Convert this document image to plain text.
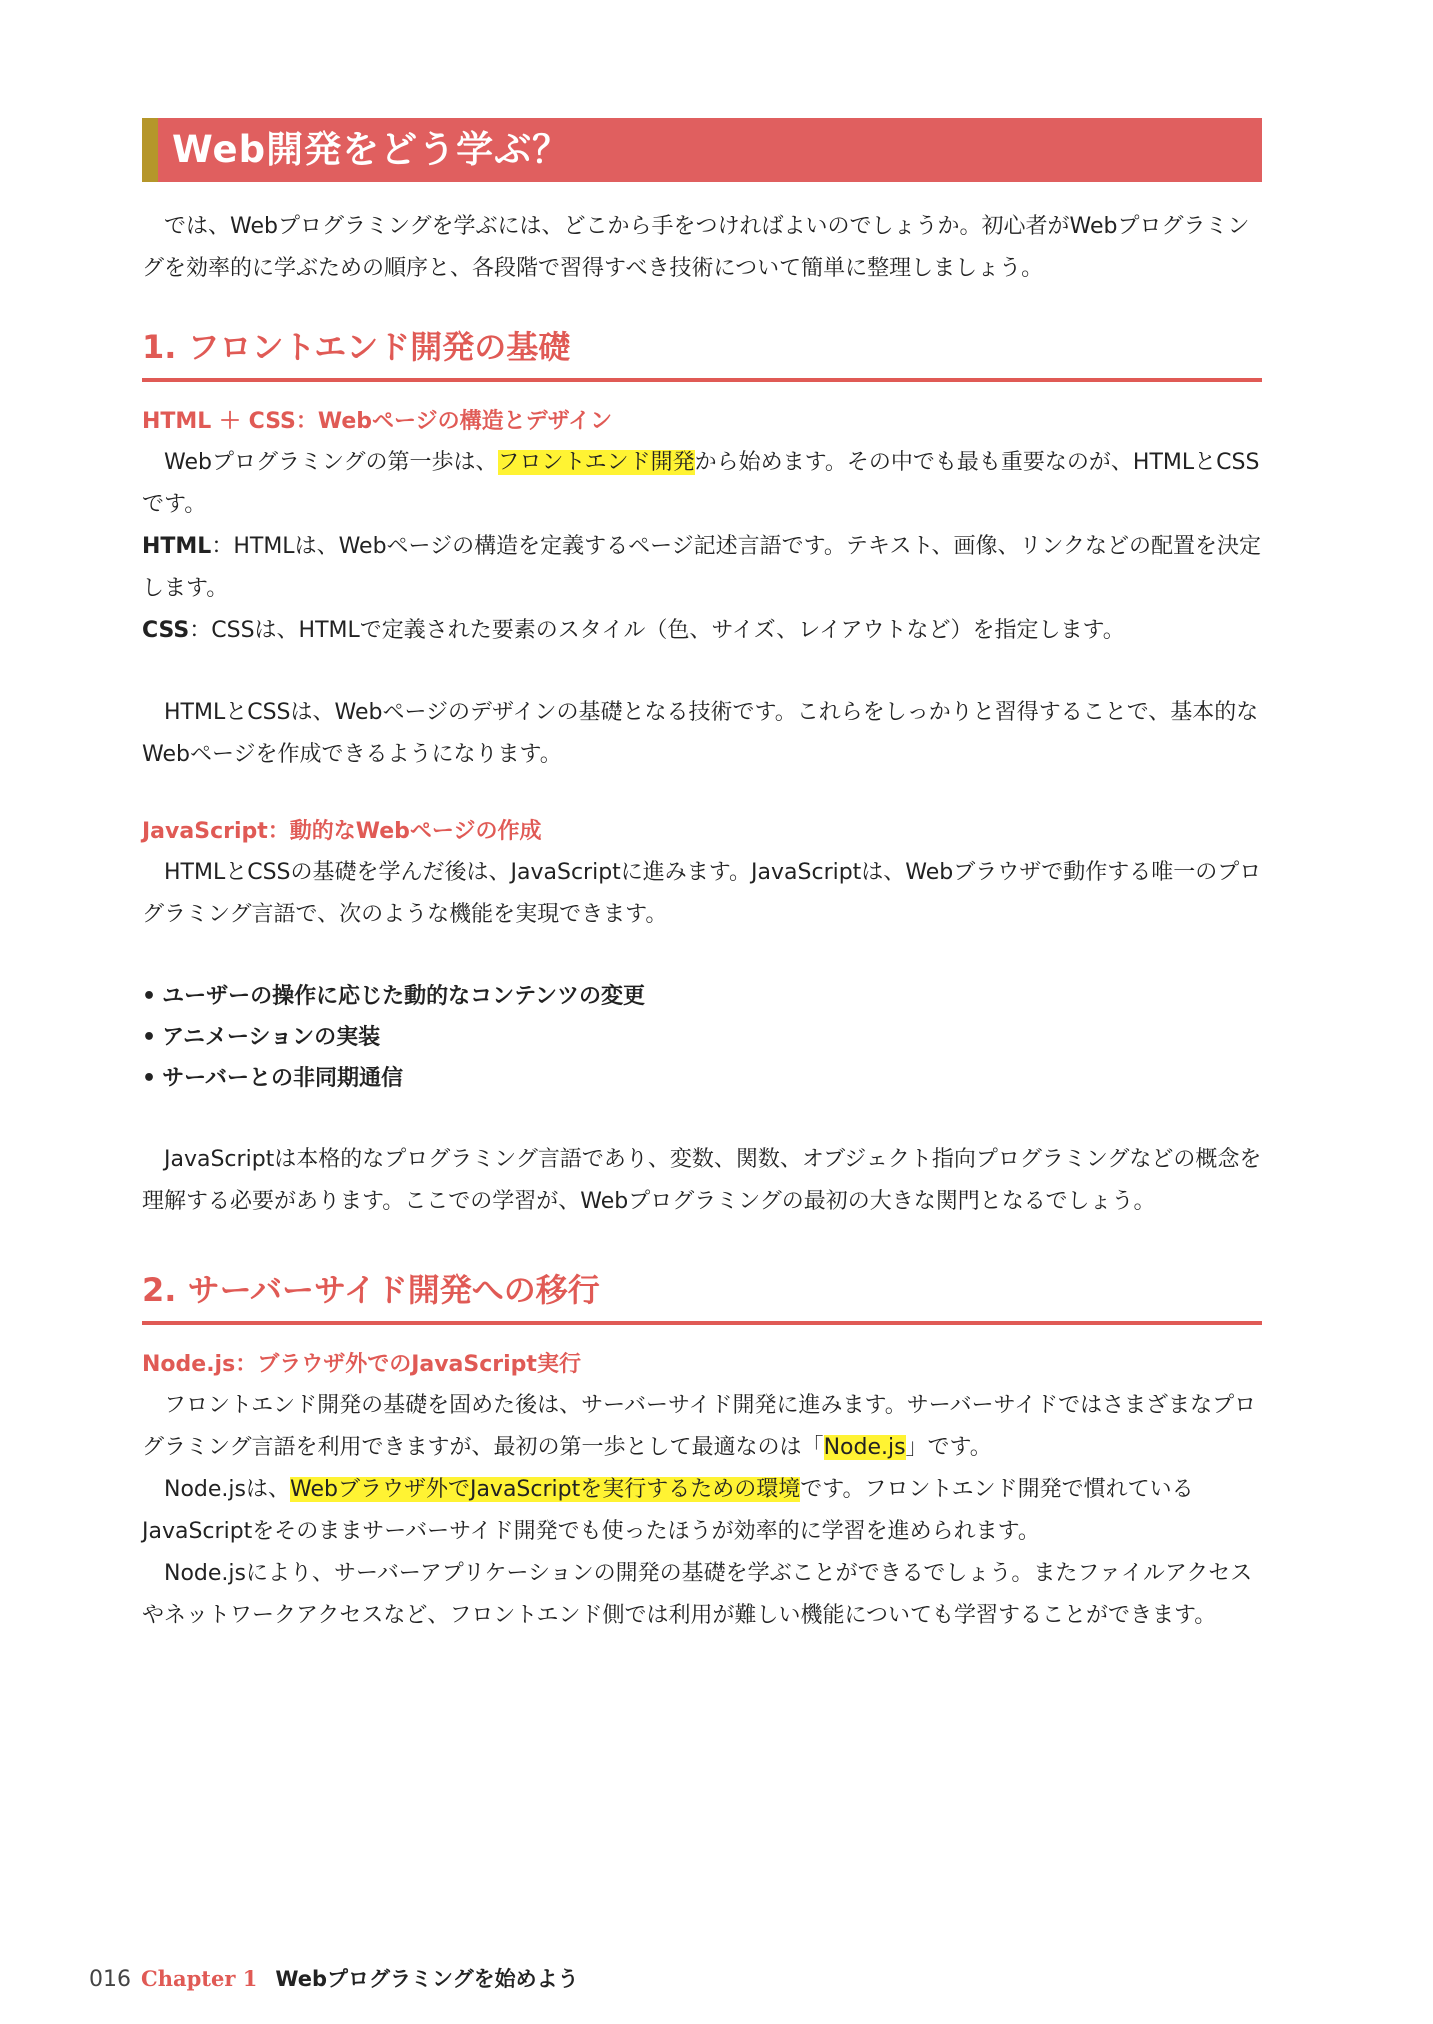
Web開発をどう学ぶ？

では、Webプログラミングを学ぶには、どこから手をつければよいのでしょうか。初心者がWebプログラミングを効率的に学ぶための順序と、各段階で習得すべき技術について簡単に整理しましょう。

1. フロントエンド開発の基礎
HTML ＋ CSS：Webページの構造とデザイン

Webプログラミングの第一歩は、フロントエンド開発から始めます。その中でも最も重要なのが、HTMLとCSSです。

HTML：HTMLは、Webページの構造を定義するページ記述言語です。テキスト、画像、リンクなどの配置を決定します。

CSS：CSSは、HTMLで定義された要素のスタイル（色、サイズ、レイアウトなど）を指定します。

HTMLとCSSは、Webページのデザインの基礎となる技術です。これらをしっかりと習得することで、基本的なWebページを作成できるようになります。

JavaScript：動的なWebページの作成

HTMLとCSSの基礎を学んだ後は、JavaScriptに進みます。JavaScriptは、Webブラウザで動作する唯一のプログラミング言語で、次のような機能を実現できます。

• ユーザーの操作に応じた動的なコンテンツの変更
• アニメーションの実装
• サーバーとの非同期通信

JavaScriptは本格的なプログラミング言語であり、変数、関数、オブジェクト指向プログラミングなどの概念を理解する必要があります。ここでの学習が、Webプログラミングの最初の大きな関門となるでしょう。

2. サーバーサイド開発への移行
Node.js：ブラウザ外でのJavaScript実行

フロントエンド開発の基礎を固めた後は、サーバーサイド開発に進みます。サーバーサイドではさまざまなプログラミング言語を利用できますが、最初の第一歩として最適なのは「Node.js」です。

Node.jsは、Webブラウザ外でJavaScriptを実行するための環境です。フロントエンド開発で慣れているJavaScriptをそのままサーバーサイド開発でも使ったほうが効率的に学習を進められます。

Node.jsにより、サーバーアプリケーションの開発の基礎を学ぶことができるでしょう。またファイルアクセスやネットワークアクセスなど、フロントエンド側では利用が難しい機能についても学習することができます。

016 Chapter 1 Webプログラミングを始めよう
